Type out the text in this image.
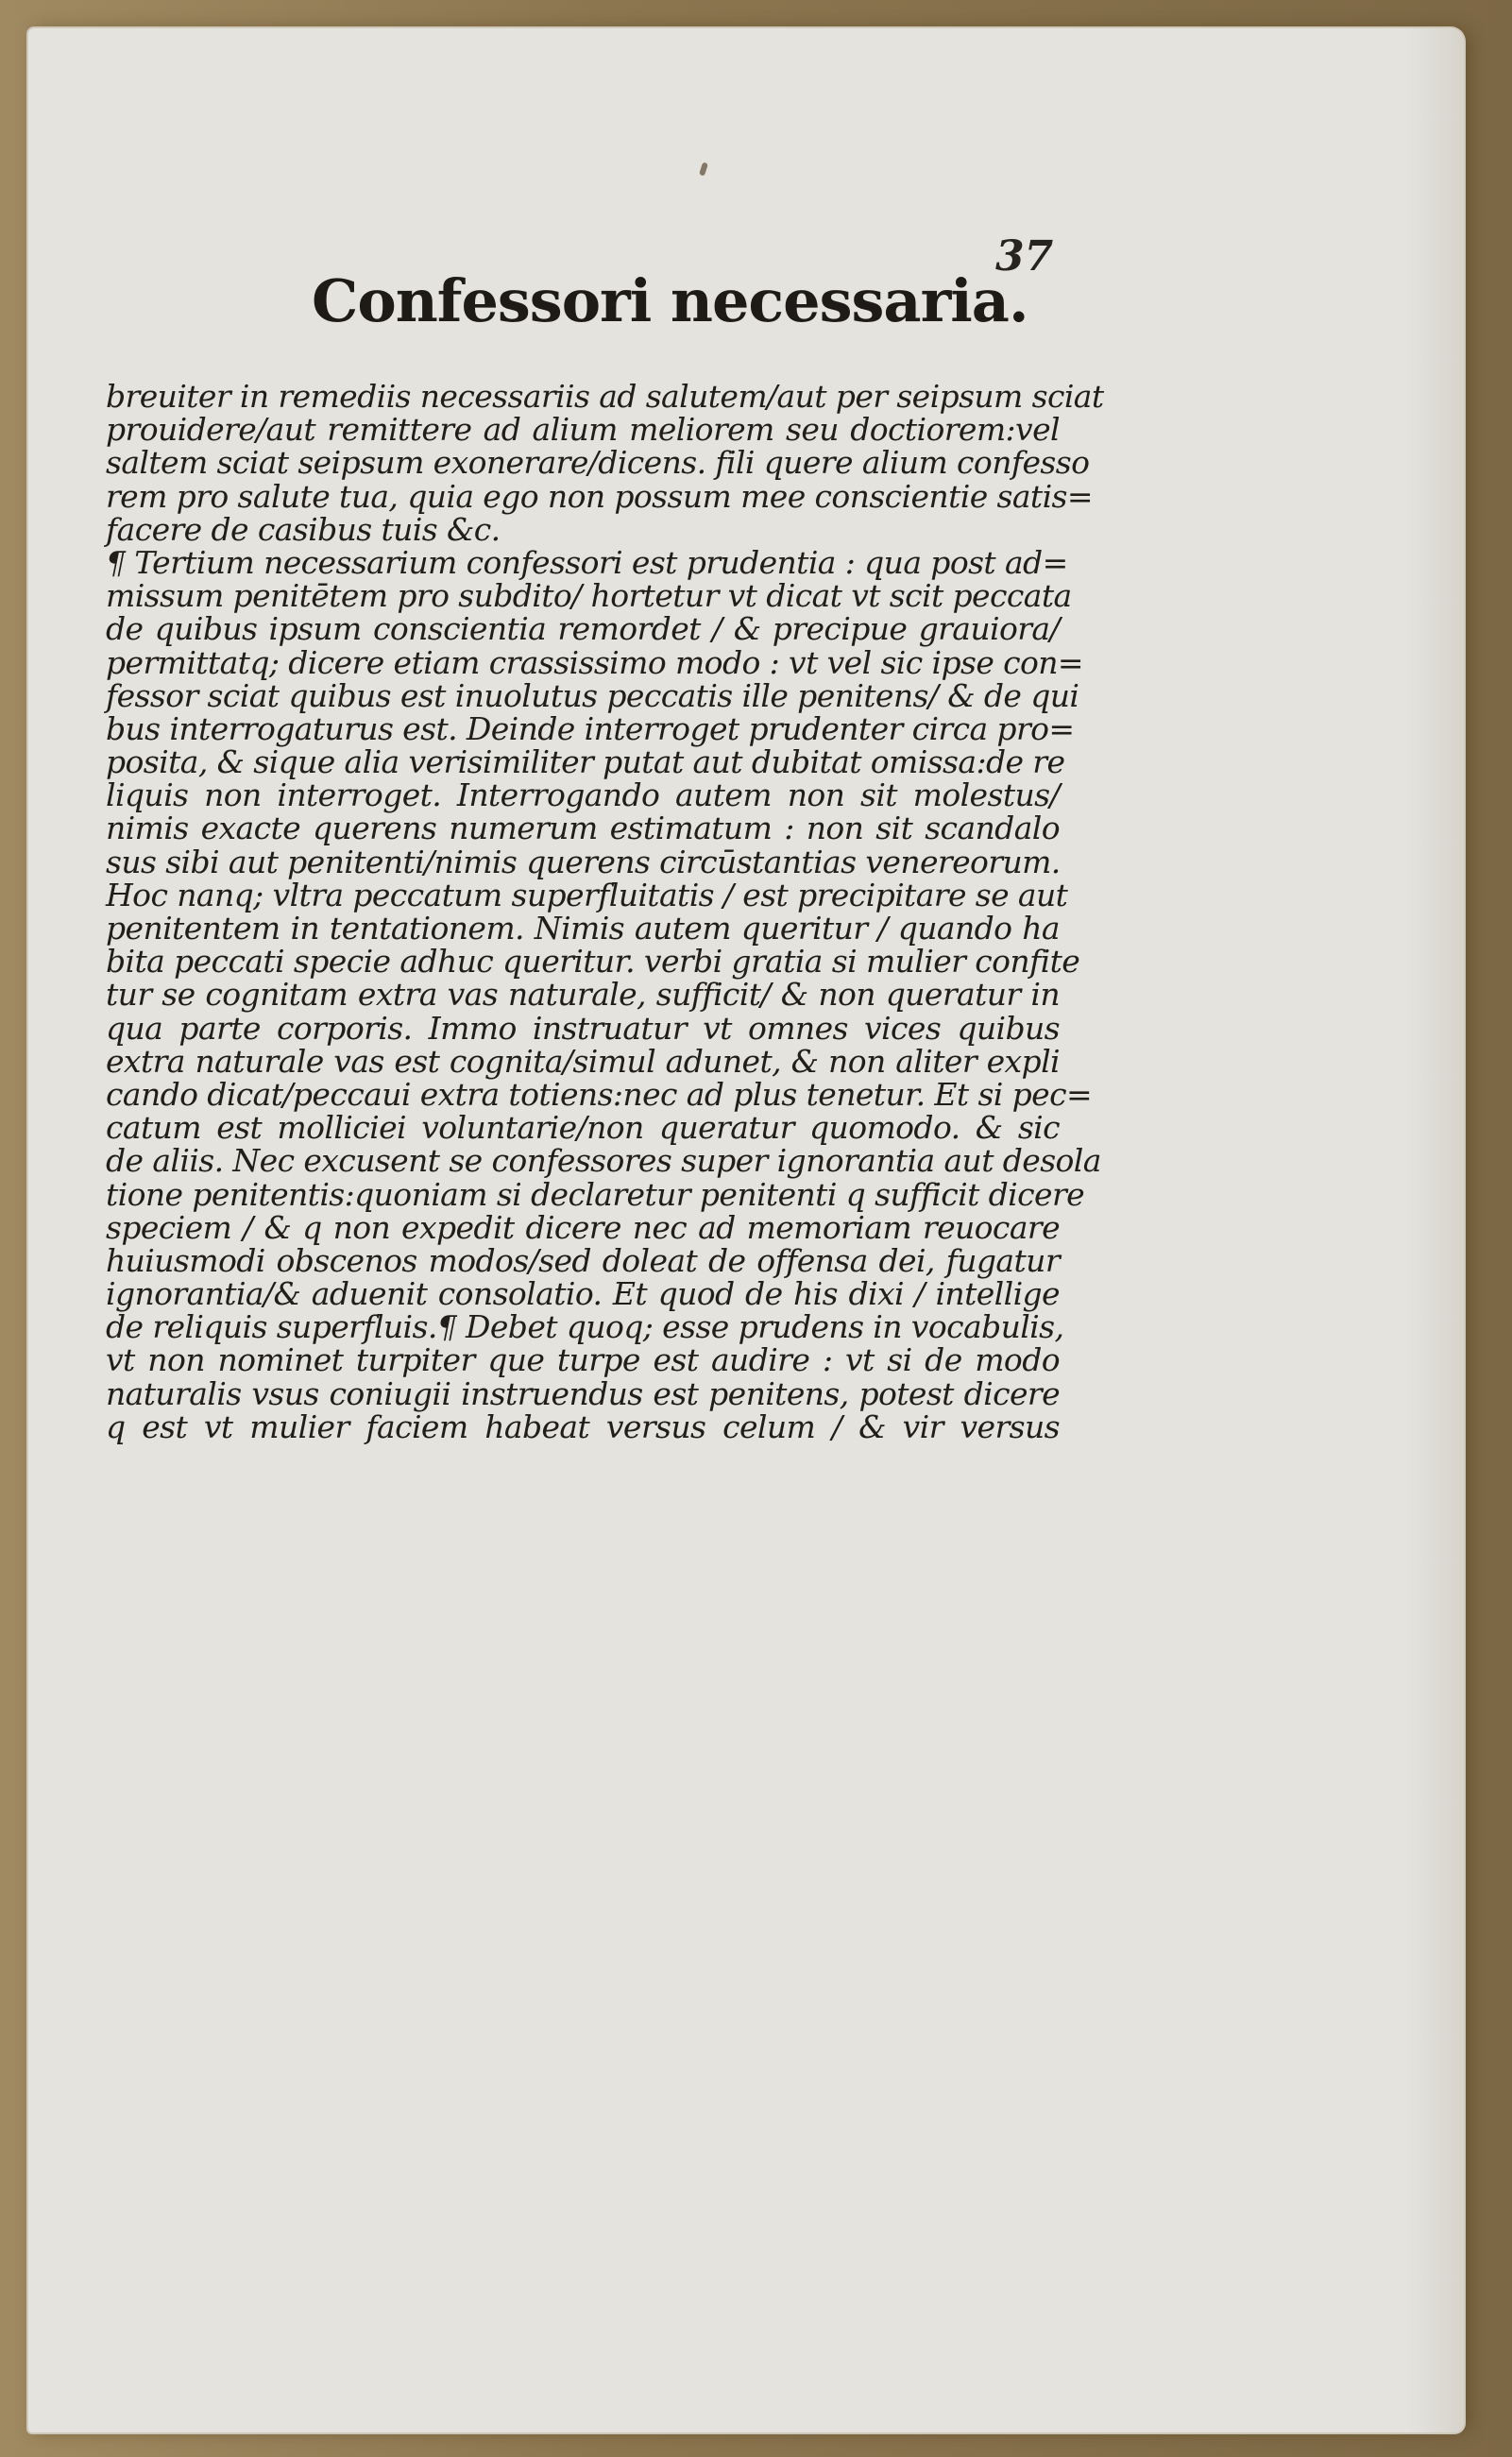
37

Confessori necessaria.
breuiter in remediis necessariis ad salutem/aut per seipsum sciat
prouidere/aut remittere ad alium meliorem seu doctiorem:vel
saltem sciat seipsum exonerare/dicens. fili quere alium confesso
rem pro salute tua, quia ego non possum mee conscientie satis=
facere de casibus tuis &c.
¶ Tertium necessarium confessori est prudentia : qua post ad=
missum penitētem pro subdito/ hortetur vt dicat vt scit peccata
de quibus ipsum conscientia remordet / & precipue grauiora/
permittatq; dicere etiam crassissimo modo : vt vel sic ipse con=
fessor sciat quibus est inuolutus peccatis ille penitens/ & de qui
bus interrogaturus est. Deinde interroget prudenter circa pro=
posita, & sique alia verisimiliter putat aut dubitat omissa:de re
liquis non interroget. Interrogando autem non sit molestus/
nimis exacte querens numerum estimatum : non sit scandalo
sus sibi aut penitenti/nimis querens circūstantias venereorum.
Hoc nanq; vltra peccatum superfluitatis / est precipitare se aut
penitentem in tentationem. Nimis autem queritur / quando ha
bita peccati specie adhuc queritur. verbi gratia si mulier confite
tur se cognitam extra vas naturale, sufficit/ & non queratur in
qua parte corporis. Immo instruatur vt omnes vices quibus
extra naturale vas est cognita/simul adunet, & non aliter expli
cando dicat/peccaui extra totiens:nec ad plus tenetur. Et si pec=
catum est molliciei voluntarie/non queratur quomodo. & sic
de aliis. Nec excusent se confessores super ignorantia aut desola
tione penitentis:quoniam si declaretur penitenti q sufficit dicere
speciem / & q non expedit dicere nec ad memoriam reuocare
huiusmodi obscenos modos/sed doleat de offensa dei, fugatur
ignorantia/& aduenit consolatio. Et quod de his dixi / intellige
de reliquis superfluis.¶ Debet quoq; esse prudens in vocabulis,
vt non nominet turpiter que turpe est audire : vt si de modo
naturalis vsus coniugii instruendus est penitens, potest dicere
q est vt mulier faciem habeat versus celum / & vir versus
